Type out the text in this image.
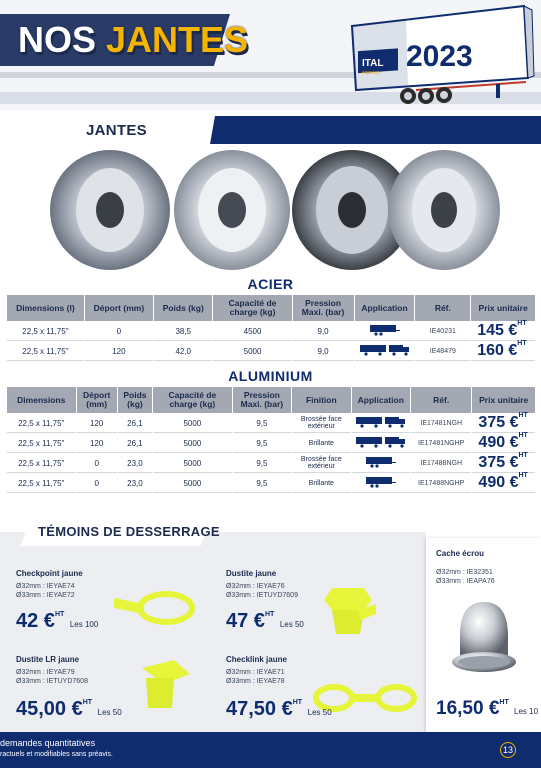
NOS JANTES
ITAL
express 2023
JANTES
ACIER
Dimensions (l)	Déport (mm)	Poids (kg)	Capacité de charge (kg)	Pression Maxi. (bar)	Application	Réf.	Prix unitaire
22,5 x 11,75"	0	38,5	4500	9,0		IE40231	145 €$^{HT}$
22,5 x 11,75"	120	42,0	5000	9,0		IE48479	160 €$^{HT}$
ALUMINIUM
Dimensions	Déport (mm)	Poids (kg)	Capacité de charge (kg)	Pression Maxi. (bar)	Finition	Application	Réf.	Prix unitaire
22,5 x 11,75"	120	26,1	5000	9,5	Brossée face extérieur		IE17481NGH	375 €$^{HT}$
22,5 x 11,75"	120	26,1	5000	9,5	Brillante		IE17481NGHP	490 €$^{HT}$
22,5 x 11,75"	0	23,0	5000	9,5	Brossée face extérieur		IE17488NGH	375 €$^{HT}$
22,5 x 11,75"	0	23,0	5000	9,5	Brillante		IE17488NGHP	490 €$^{HT}$
TÉMOINS DE DESSERRAGE
Checkpoint jaune
Ø32mm : IEYAE74
Ø33mm : IEYAE72
42 €$^{HT}$ Les 100
Dustite jaune
Ø32mm : IEYAE76
Ø33mm : IETUYD7609
47 €$^{HT}$ Les 50
Dustite LR jaune
Ø32mm : IEYAE79
Ø33mm : IETUYD7608
45,00 €$^{HT}$ Les 50
Checklink jaune
Ø32mm : IEYAE71
Ø33mm : IEYAE78
47,50 €$^{HT}$ Les 50
Cache écrou
Ø32mm : IE32351
Ø33mm : IEAPA76
16,50 €$^{HT}$ Les 10
demandes quantitatives
ractuels et modifiables sans préavis.	13
